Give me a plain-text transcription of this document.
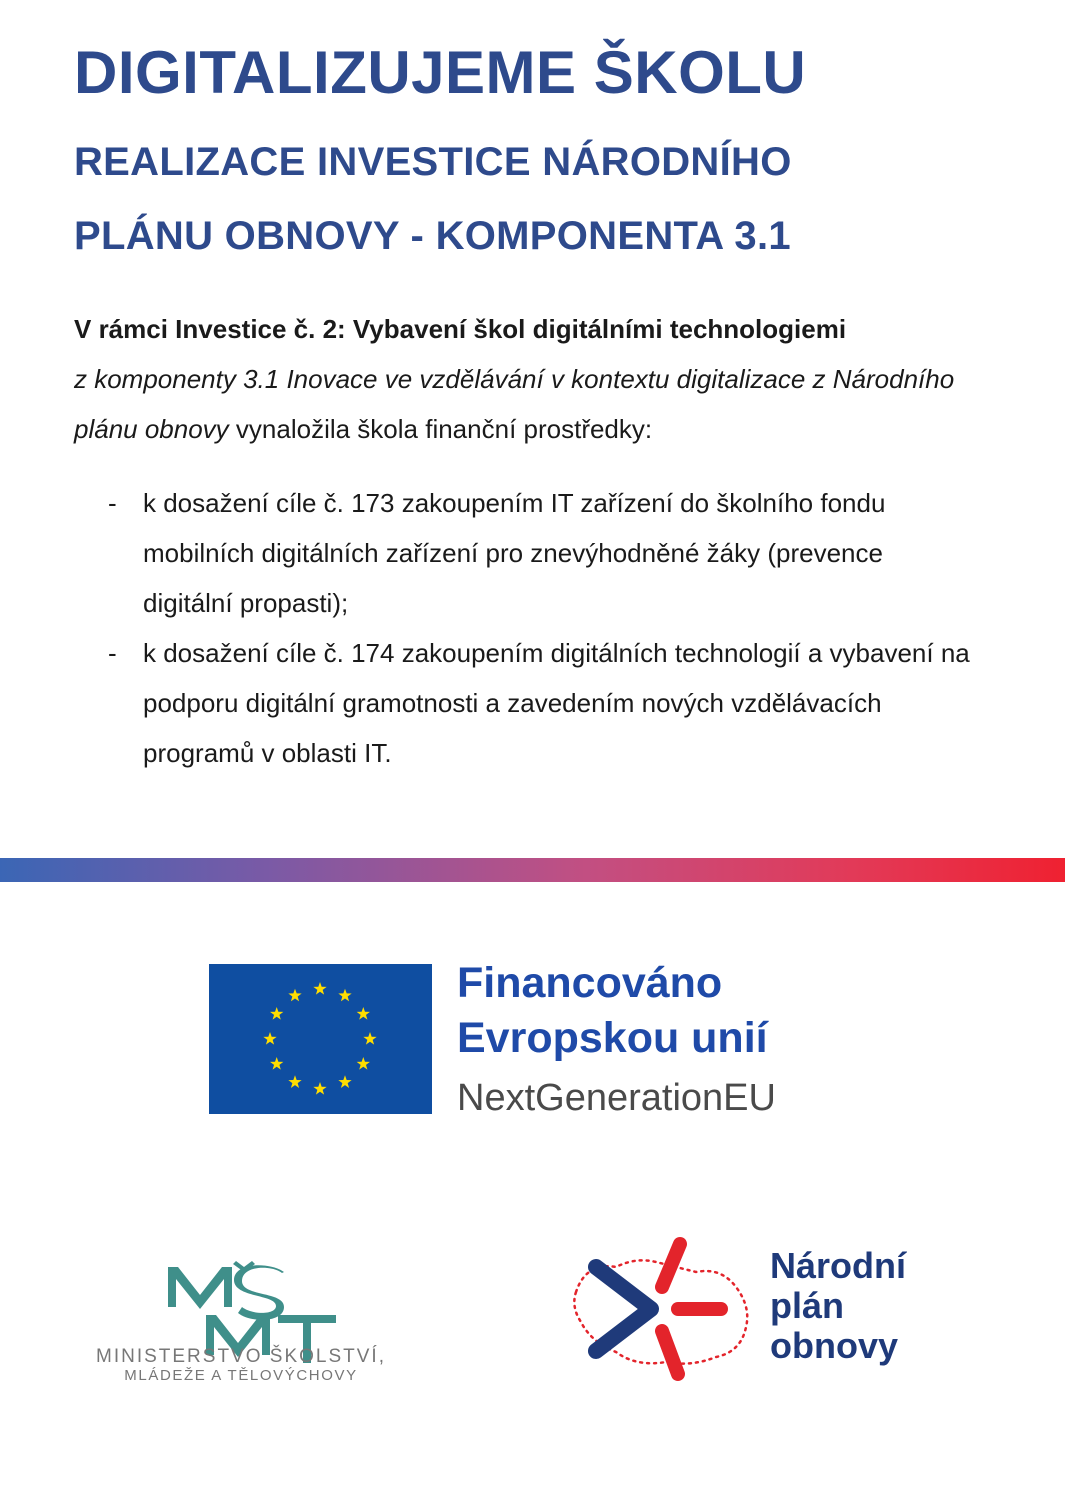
DIGITALIZUJEME ŠKOLU
REALIZACE INVESTICE NÁRODNÍHO
PLÁNU OBNOVY - KOMPONENTA 3.1

V rámci Investice č. 2: Vybavení škol digitálními technologiemi
z komponenty 3.1 Inovace ve vzdělávání v kontextu digitalizace z Národního plánu obnovy vynaložila škola finanční prostředky:

- k dosažení cíle č. 173 zakoupením IT zařízení do školního fondu mobilních digitálních zařízení pro znevýhodněné žáky (prevence digitální propasti);
- k dosažení cíle č. 174 zakoupením digitálních technologií a vybavení na podporu digitální gramotnosti a zavedením nových vzdělávacích programů v oblasti IT.
Financováno
Evropskou unií
NextGenerationEU
MINISTERSTVO ŠKOLSTVÍ,
MLÁDEŽE A TĚLOVÝCHOVY
Národní
plán
obnovy
